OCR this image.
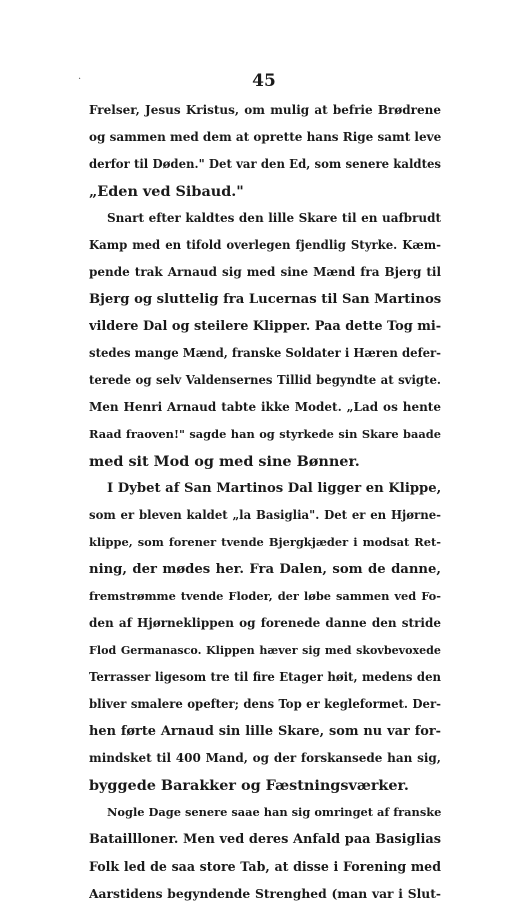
·	45
Frelser, Jesus Kristus, om mulig at befrie Brødrene
og sammen med dem at oprette hans Rige samt leve
derfor til Døden." Det var den Ed, som senere kaldtes
„Eden ved Sibaud."
Snart efter kaldtes den lille Skare til en uafbrudt
Kamp med en tifold overlegen fjendlig Styrke. Kæm-
pende trak Arnaud sig med sine Mænd fra Bjerg til
Bjerg og sluttelig fra Lucernas til San Martinos
vildere Dal og steilere Klipper. Paa dette Tog mi-
stedes mange Mænd, franske Soldater i Hæren defer-
terede og selv Valdensernes Tillid begyndte at svigte.
Men Henri Arnaud tabte ikke Modet. „Lad os hente
Raad fraoven!" sagde han og styrkede sin Skare baade
med sit Mod og med sine Bønner.
I Dybet af San Martinos Dal ligger en Klippe,
som er bleven kaldet „la Basiglia". Det er en Hjørne-
klippe, som forener tvende Bjergkjæder i modsat Ret-
ning, der mødes her. Fra Dalen, som de danne,
fremstrømme tvende Floder, der løbe sammen ved Fo-
den af Hjørneklippen og forenede danne den stride
Flod Germanasco. Klippen hæver sig med skovbevoxede
Terrasser ligesom tre til fire Etager høit, medens den
bliver smalere opefter; dens Top er kegleformet. Der-
hen førte Arnaud sin lille Skare, som nu var for-
mindsket til 400 Mand, og der forskansede han sig,
byggede Barakker og Fæstningsværker.
Nogle Dage senere saae han sig omringet af franske
Bataillloner. Men ved deres Anfald paa Basiglias
Folk led de saa store Tab, at disse i Forening med
Aarstidens begyndende Strenghed (man var i Slut-
